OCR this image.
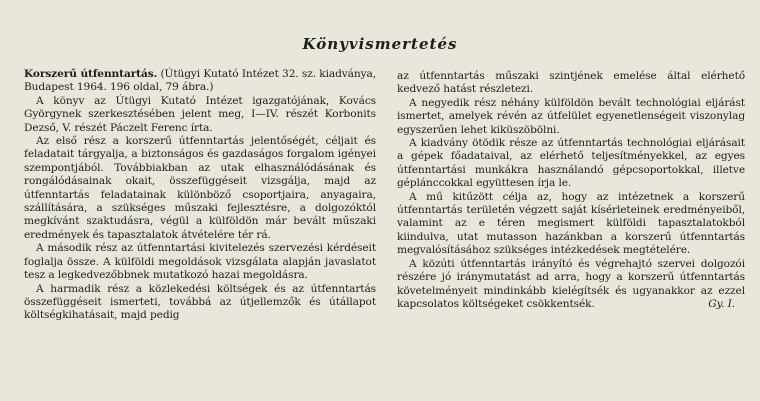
Könyvismertetés

Korszerű útfenntartás. (Útügyi Kutató Intézet 32. sz. kiadványa, Budapest 1964. 196 oldal, 79 ábra.)

A könyv az Útügyi Kutató Intézet igazgatójának, Kovács Györgynek szerkesztésében jelent meg, I—IV. részét Korbonits Dezső, V. részét Páczelt Ferenc írta.

Az első rész a korszerű útfenntartás jelentőségét, céljait és feladatait tárgyalja, a biztonságos és gazdaságos forgalom igényei szempontjából. Továbbiakban az utak elhasználódásának és rongálódásainak okait, összefüggéseit vizsgálja, majd az útfenntartás feladatainak különböző csoportjaira, anyagaira, szállítására, a szükséges műszaki fejlesztésre, a dolgozóktól megkívánt szaktudásra, végül a külföldön már bevált műszaki eredmények és tapasztalatok átvételére tér rá.

A második rész az útfenntartási kivitelezés szervezési kérdéseit foglalja össze. A külföldi megoldások vizsgálata alapján javaslatot tesz a legkedvezőbbnek mutatkozó hazai megoldásra.

A harmadik rész a közlekedési költségek és az útfenntartás összefüggéseit ismerteti, továbbá az útjellemzők és útállapot költségkihatásait, majd pedig

az útfenntartás műszaki szintjének emelése által elérhető kedvező hatást részletezi.

A negyedik rész néhány külföldön bevált technológiai eljárást ismertet, amelyek révén az útfelület egyenetlenségeit viszonylag egyszerűen lehet kiküszöbölni.

A kiadvány ötödik része az útfenntartás technológiai eljárásait a gépek főadataival, az elérhető teljesítményekkel, az egyes útfenntartási munkákra használandó gépcsoportokkal, illetve géplánccokkal együttesen írja le.

A mű kitűzött célja az, hogy az intézetnek a korszerű útfenntartás területén végzett saját kísérleteinek eredményeiből, valamint az e téren megismert külföldi tapasztalatokból kiindulva, utat mutasson hazánkban a korszerű útfenntartás megvalósításához szükséges intézkedések megtételére.

A közúti útfenntartás irányító és végrehajtó szervei dolgozói részére jó iránymutatást ad arra, hogy a korszerű útfenntartás követelményeit mindinkább kielégítsék és ugyanakkor az ezzel kapcsolatos költségeket csökkentsék.	Gy. I.
